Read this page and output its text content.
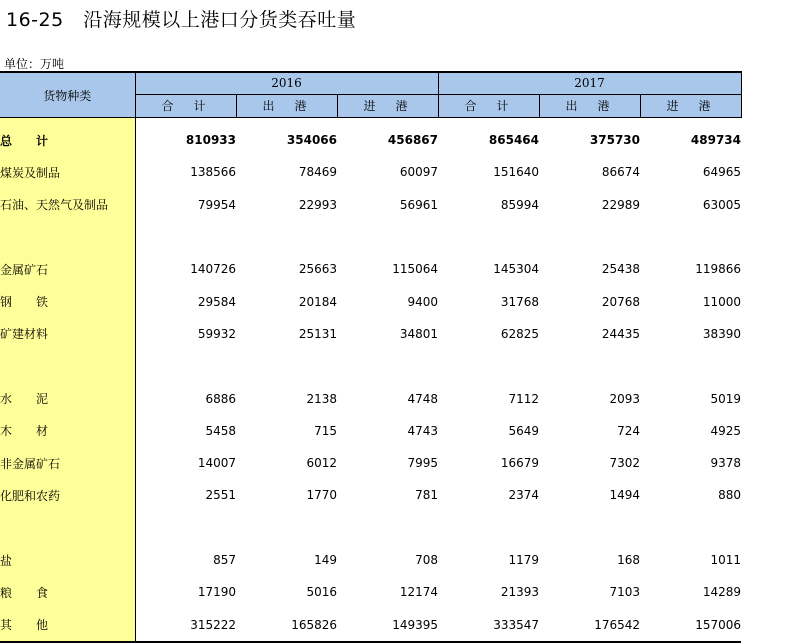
16-25　沿海规模以上港口分货类吞吐量
单位：万吨
货物种类	2016			2017		
	合　计	出　港	进　港	合　计	出　港	进　港

总　　计	810933	354066	456867	865464	375730	489734
煤炭及制品	138566	78469	60097	151640	86674	64965
石油、天然气及制品	79954	22993	56961	85994	22989	63005

金属矿石	140726	25663	115064	145304	25438	119866
钢　　铁	29584	20184	9400	31768	20768	11000
矿建材料	59932	25131	34801	62825	24435	38390

水　　泥	6886	2138	4748	7112	2093	5019
木　　材	5458	715	4743	5649	724	4925
非金属矿石	14007	6012	7995	16679	7302	9378
化肥和农药	2551	1770	781	2374	1494	880

盐	857	149	708	1179	168	1011
粮　　食	17190	5016	12174	21393	7103	14289
其　　他	315222	165826	149395	333547	176542	157006
